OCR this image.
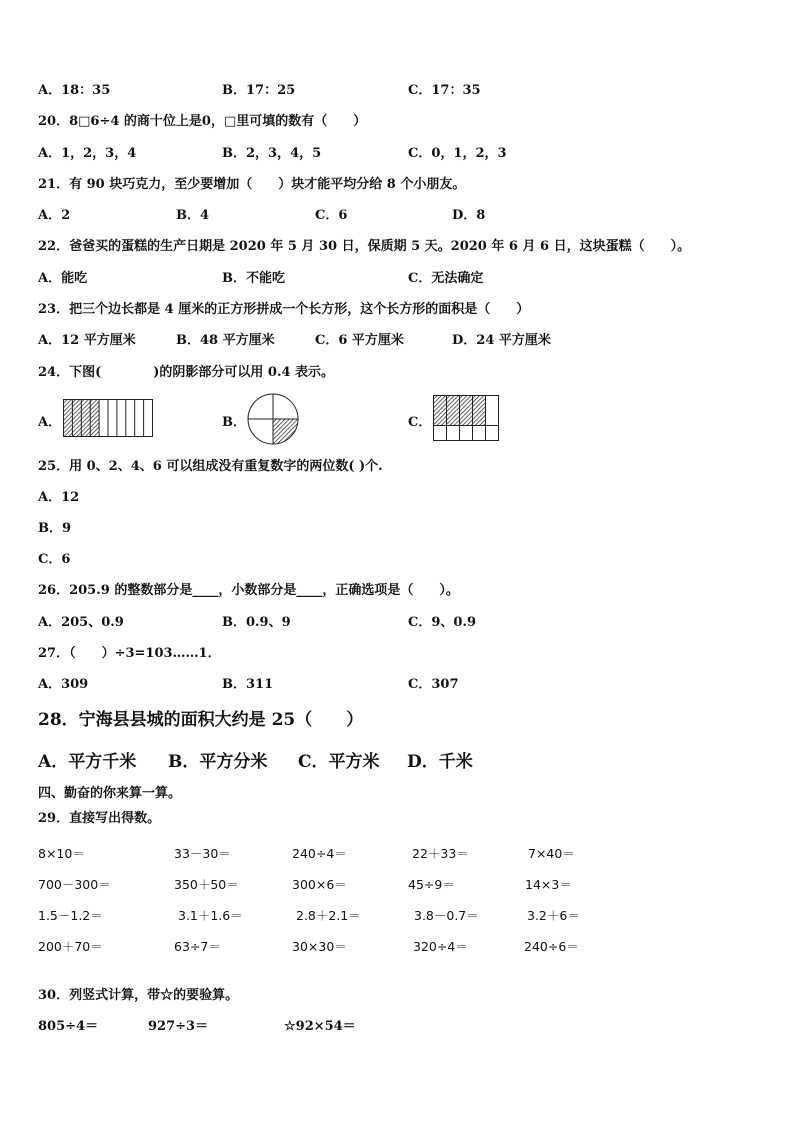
A．18：35	B．17：25	C．17：35
20．8□6÷4 的商十位上是0，□里可填的数有（　　）
A．1，2，3，4	B．2，3，4，5	C．0，1，2，3
21．有 90 块巧克力，至少要增加（　　）块才能平均分给 8 个小朋友。
A．2	B．4	C．6	D．8
22．爸爸买的蛋糕的生产日期是 2020 年 5 月 30 日，保质期 5 天。2020 年 6 月 6 日，这块蛋糕（　　）。
A．能吃	B．不能吃	C．无法确定
23．把三个边长都是 4 厘米的正方形拼成一个长方形，这个长方形的面积是（　　）
A．12 平方厘米	B．48 平方厘米	C．6 平方厘米	D．24 平方厘米
24．下图(　　　　)的阴影部分可以用 0.4 表示。
A．	B．	C．
25．用 0、2、4、6 可以组成没有重复数字的两位数( )个.
A．12
B．9
C．6
26．205.9 的整数部分是____，小数部分是____，正确选项是（　　）。
A．205、0.9	B．0.9、9	C．9、0.9
27．（　　）÷3=103……1．
A．309	B．311	C．307
28．宁海县县城的面积大约是 25（　　）
A．平方千米 B．平方分米 C．平方米 D．千米
四、勤奋的你来算一算。
29．直接写出得数。
8×10＝	33－30＝	240÷4＝	22＋33＝	7×40＝
700－300＝	350＋50＝	300×6＝	45÷9＝	14×3＝
1.5－1.2＝	3.1＋1.6＝	2.8＋2.1＝	3.8－0.7＝	3.2＋6＝
200＋70＝	63÷7＝	30×30＝	320÷4＝	240÷6＝
30．列竖式计算，带☆的要验算。
805÷4＝	927÷3＝	☆92×54＝
